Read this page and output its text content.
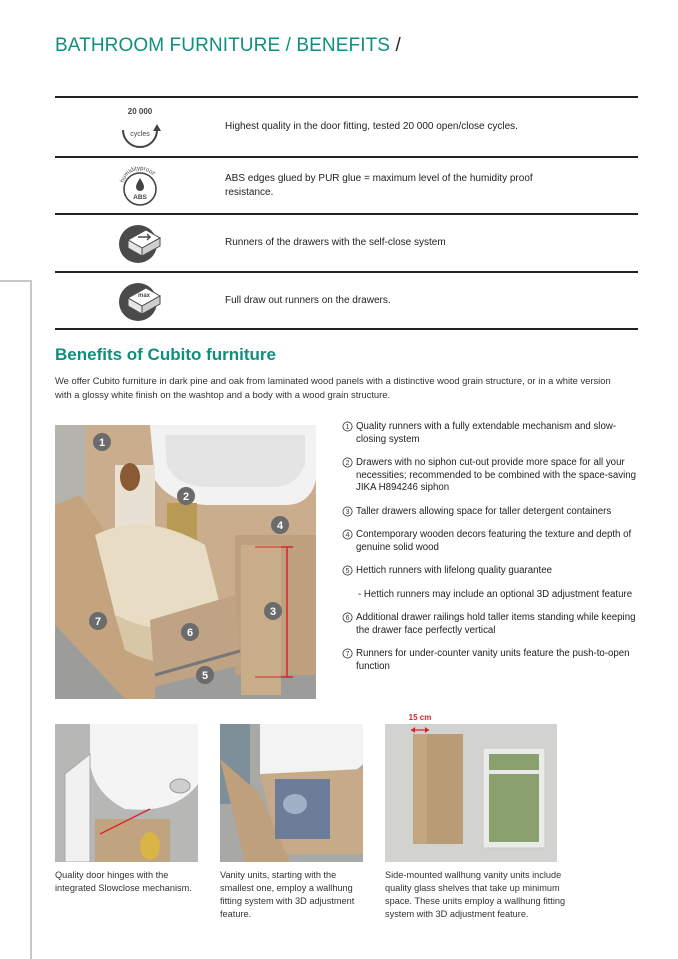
BATHROOM FURNITURE / BENEFITS /
20 000
cycles
Highest quality in the door fitting, tested 20 000 open/close cycles.
humidityproof
ABS
ABS edges glued by PUR glue = maximum level of the humidity proof resistance.
Runners of the drawers with the self-close system
max	Full draw out runners on the drawers.
Benefits of Cubito furniture
We offer Cubito furniture in dark pine and oak from laminated wood panels with a distinctive wood grain structure, or in a white version with a glossy white finish on the washtop and a body with a wood grain structure.
1
2
3
4
5
6
7
1 Quality runners with a fully extendable mechanism and slow-closing system
2 Drawers with no siphon cut-out provide more space for all your necessities; recommended to be combined with the space-saving JIKA H894246 siphon
3 Taller drawers allowing space for taller detergent containers
4 Contemporary wooden decors featuring the texture and depth of genuine solid wood
5 Hettich runners with lifelong quality guarantee
- Hettich runners may include an optional 3D adjustment feature
6 Additional drawer railings hold taller items standing while keeping the drawer face perfectly vertical
7 Runners for under-counter vanity units feature the push-to-open function
Quality door hinges with the integrated Slowclose mechanism.
Vanity units, starting with the smallest one, employ a wallhung fitting system with 3D adjustment feature.
15 cm
Side-mounted wallhung vanity units include quality glass shelves that take up minimum space. These units employ a wallhung fitting system with 3D adjustment feature.
